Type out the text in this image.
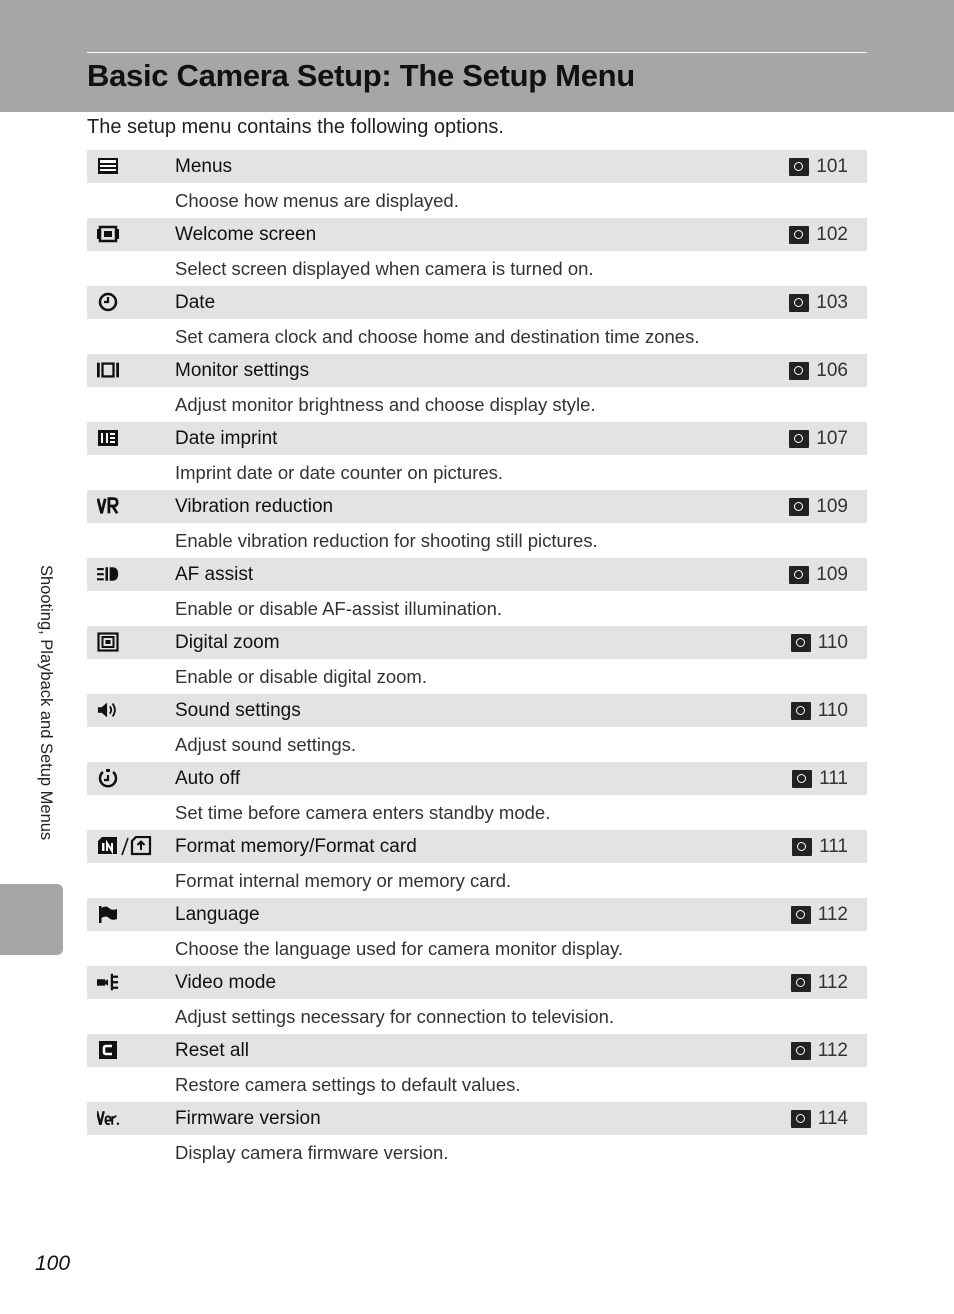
Basic Camera Setup: The Setup Menu
The setup menu contains the following options.
Menus	101
Choose how menus are displayed.
Welcome screen	102
Select screen displayed when camera is turned on.
Date	103
Set camera clock and choose home and destination time zones.
Monitor settings	106
Adjust monitor brightness and choose display style.
Date imprint	107
Imprint date or date counter on pictures.
Vibration reduction	109
Enable vibration reduction for shooting still pictures.
AF assist	109
Enable or disable AF-assist illumination.
Digital zoom	110
Enable or disable digital zoom.
Sound settings	110
Adjust sound settings.
Auto off	111
Set time before camera enters standby mode.
Format memory/Format card	111
Format internal memory or memory card.
Language	112
Choose the language used for camera monitor display.
Video mode	112
Adjust settings necessary for connection to television.
Reset all	112
Restore camera settings to default values.
Firmware version	114
Display camera firmware version.
Shooting, Playback and Setup Menus
100
